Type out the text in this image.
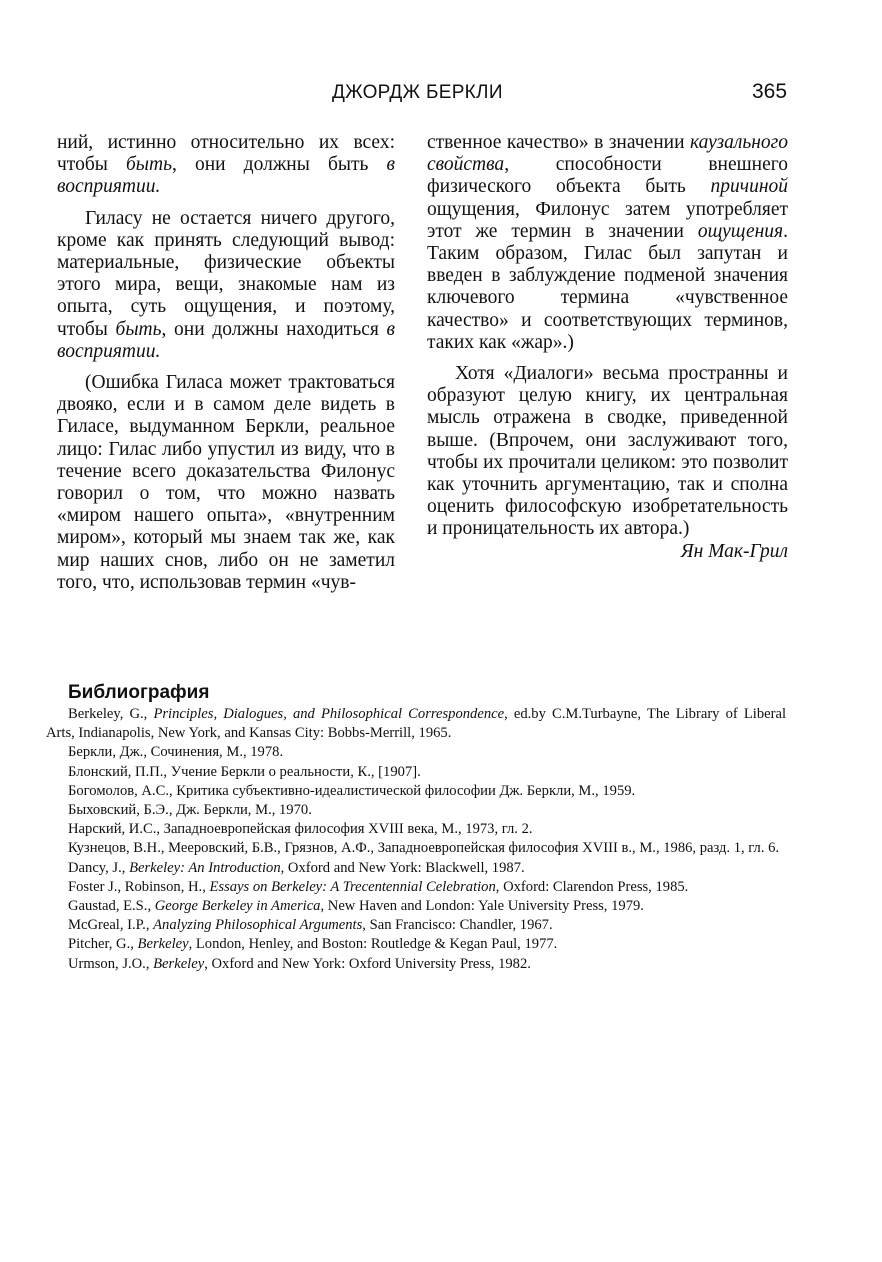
ДЖОРДЖ БЕРКЛИ	365

ний, истинно относительно их всех: чтобы быть, они должны быть в восприятии.

Гиласу не остается ничего другого, кроме как принять следующий вывод: материальные, физические объекты этого мира, вещи, знакомые нам из опыта, суть ощущения, и поэтому, чтобы быть, они должны находиться в восприятии.

(Ошибка Гиласа может трактоваться двояко, если и в самом деле видеть в Гиласе, выдуманном Беркли, реальное лицо: Гилас либо упустил из виду, что в течение всего доказательства Филонус говорил о том, что можно назвать «миром нашего опыта», «внутренним миром», который мы знаем так же, как мир наших снов, либо он не заметил того, что, использовав термин «чув-

ственное качество» в значении каузального свойства, способности внешнего физического объекта быть причиной ощущения, Филонус затем употребляет этот же термин в значении ощущения. Таким образом, Гилас был запутан и введен в заблуждение подменой значения ключевого термина «чувственное качество» и соответствующих терминов, таких как «жар».)

Хотя «Диалоги» весьма пространны и образуют целую книгу, их центральная мысль отражена в сводке, приведенной выше. (Впрочем, они заслуживают того, чтобы их прочитали целиком: это позволит как уточнить аргументацию, так и сполна оценить философскую изобретательность и проницательность их автора.)

Ян Мак-Грил

Библиография

Berkeley, G., Principles, Dialogues, and Philosophical Correspondence, ed.by C.M.Turbayne, The Library of Liberal Arts, Indianapolis, New York, and Kansas City: Bobbs-Merrill, 1965.

Беркли, Дж., Сочинения, М., 1978.

Блонский, П.П., Учение Беркли о реальности, К., [1907].

Богомолов, А.С., Критика субъективно-идеалистической философии Дж. Беркли, М., 1959.

Быховский, Б.Э., Дж. Беркли, М., 1970.

Нарский, И.С., Западноевропейская философия XVIII века, М., 1973, гл. 2.

Кузнецов, В.Н., Мееровский, Б.В., Грязнов, А.Ф., Западноевропейская философия XVIII в., М., 1986, разд. 1, гл. 6.

Dancy, J., Berkeley: An Introduction, Oxford and New York: Blackwell, 1987.

Foster J., Robinson, H., Essays on Berkeley: A Trecentennial Celebration, Oxford: Clarendon Press, 1985.

Gaustad, E.S., George Berkeley in America, New Haven and London: Yale University Press, 1979.

McGreal, I.P., Analyzing Philosophical Arguments, San Francisco: Chandler, 1967.

Pitcher, G., Berkeley, London, Henley, and Boston: Routledge & Kegan Paul, 1977.

Urmson, J.O., Berkeley, Oxford and New York: Oxford University Press, 1982.
